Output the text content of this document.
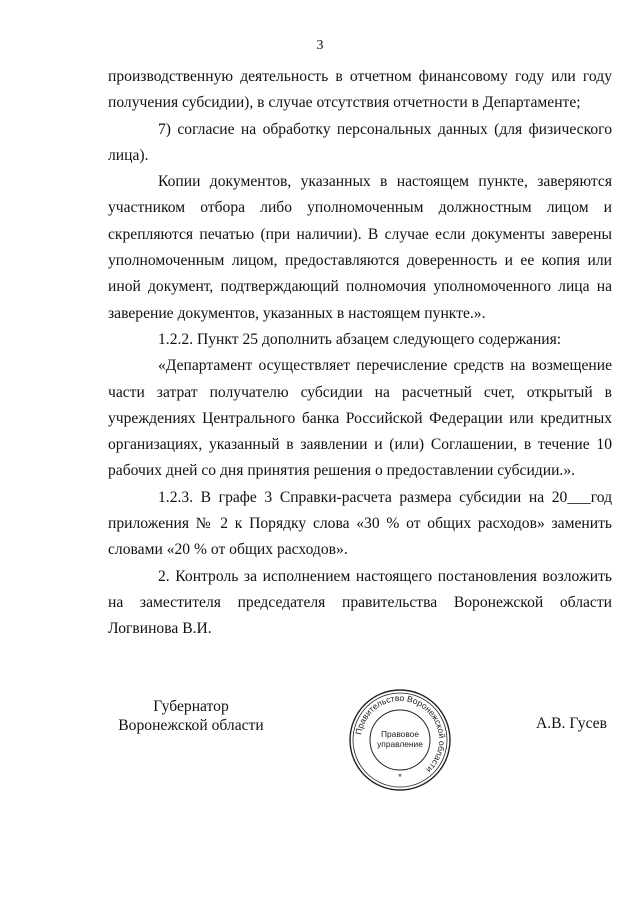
3

производственную деятельность в отчетном финансовому году или году получения субсидии), в случае отсутствия отчетности в Департаменте;

7) согласие на обработку персональных данных (для физического лица).

Копии документов, указанных в настоящем пункте, заверяются участником отбора либо уполномоченным должностным лицом и скрепляются печатью (при наличии). В случае если документы заверены уполномоченным лицом, предоставляются доверенность и ее копия или иной документ, подтверждающий полномочия уполномоченного лица на заверение документов, указанных в настоящем пункте.».

1.2.2. Пункт 25 дополнить абзацем следующего содержания:

«Департамент осуществляет перечисление средств на возмещение части затрат получателю субсидии на расчетный счет, открытый в учреждениях Центрального банка Российской Федерации или кредитных организациях, указанный в заявлении и (или) Соглашении, в течение 10 рабочих дней со дня принятия решения о предоставлении субсидии.».

1.2.3. В графе 3 Справки-расчета размера субсидии на 20___год приложения № 2 к Порядку слова «30 % от общих расходов» заменить словами «20 % от общих расходов».

2. Контроль за исполнением настоящего постановления возложить на заместителя председателя правительства Воронежской области Логвинова В.И.

Губернатор
Воронежской области	Правительство Воронежской области
Правовое
управление
*
А.В. Гусев
